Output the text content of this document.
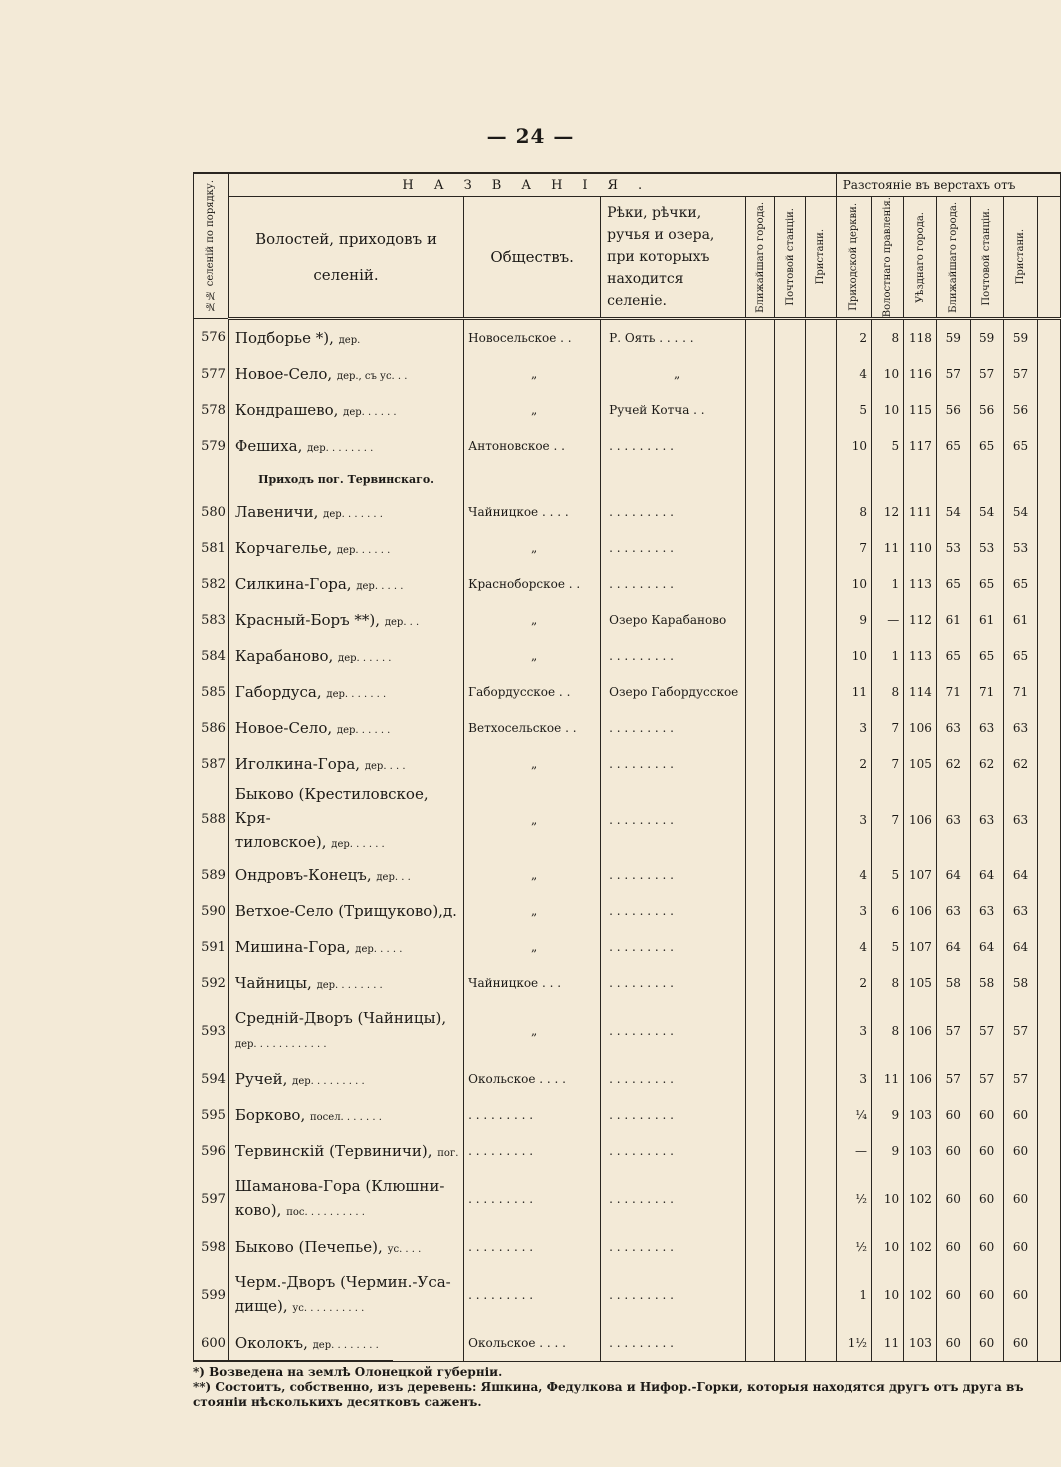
— 24 —
№№ селеній по порядку.	НАЗВАНІЯ.						Разстояніе въ верстахъ отъ						
	Волостей, приходовъ и селеній.	Обществъ.	Рѣки, рѣчки, ручья и озера, при которыхъ находится селеніе.	Ближайшаго города.	Почтовой станціи.	Пристани.	Приходской церкви.	Волостнаго правленія.	Уѣзднаго города.	Ближайшаго города.	Почтовой станціи.	Пристани.	

576	Подборье *), дер.	Новосельское . .	Р. Оять . . . . .				2	8	118	59	59	59	
577	Новое-Село, дер., съ ус. . .	„	„				4	10	116	57	57	57	
578	Кондрашево, дер. . . . . .	„	Ручей Котча . .				5	10	115	56	56	56	
579	Фешиха, дер. . . . . . . .	Антоновское . .	. . . . . . . . .				10	5	117	65	65	65	
	Приходъ пог. Тервинскаго.												
580	Лавеничи, дер. . . . . . .	Чайницкое . . . .	. . . . . . . . .				8	12	111	54	54	54	
581	Корчагелье, дер. . . . . .	„	. . . . . . . . .				7	11	110	53	53	53	
582	Силкина-Гора, дер. . . . .	Красноборское . .	. . . . . . . . .				10	1	113	65	65	65	
583	Красный-Боръ **), дер. . .	„	Озеро Карабаново				9	—	112	61	61	61	
584	Карабаново, дер. . . . . .	„	. . . . . . . . .				10	1	113	65	65	65	
585	Габордуса, дер. . . . . . .	Габордусское . .	Озеро Габордусское				11	8	114	71	71	71	
586	Новое-Село, дер. . . . . .	Ветхосельское . .	. . . . . . . . .				3	7	106	63	63	63	
587	Иголкина-Гора, дер. . . .	„	. . . . . . . . .				2	7	105	62	62	62	
588	Быково (Крестиловское, Кря-
тиловское), дер. . . . . .	„	. . . . . . . . .				3	7	106	63	63	63	
589	Ондровъ-Конецъ, дер. . .	„	. . . . . . . . .				4	5	107	64	64	64	
590	Ветхое-Село (Трищуково),д.	„	. . . . . . . . .				3	6	106	63	63	63	
591	Мишина-Гора, дер. . . . .	„	. . . . . . . . .				4	5	107	64	64	64	
592	Чайницы, дер. . . . . . . .	Чайницкое . . .	. . . . . . . . .				2	8	105	58	58	58	
593	Средній-Дворъ (Чайницы),
дер. . . . . . . . . . . .	„	. . . . . . . . .				3	8	106	57	57	57	
594	Ручей, дер. . . . . . . . .	Окольское . . . .	. . . . . . . . .				3	11	106	57	57	57	
595	Борково, посел. . . . . . .	. . . . . . . . .	. . . . . . . . .				¼	9	103	60	60	60	
596	Тервинскій (Тервиничи), пог.	. . . . . . . . .	. . . . . . . . .				—	9	103	60	60	60	
597	Шаманова-Гора (Клюшни-
ково), пос. . . . . . . . . .	. . . . . . . . .	. . . . . . . . .				½	10	102	60	60	60	
598	Быково (Печепье), ус. . . .	. . . . . . . . .	. . . . . . . . .				½	10	102	60	60	60	
599	Черм.-Дворъ (Чермин.-Уса-
дище), ус. . . . . . . . . .	. . . . . . . . .	. . . . . . . . .				1	10	102	60	60	60	
600	Околокъ, дер. . . . . . . .	Окольское . . . .	. . . . . . . . .				1½	11	103	60	60	60	
*) Возведена на землѣ Олонецкой губерніи.
**) Состоитъ, собственно, изъ деревень: Яшкина, Федулкова и Нифор.-Горки, которыя находятся другъ отъ друга въ
стояніи нѣсколькихъ десятковъ саженъ.
